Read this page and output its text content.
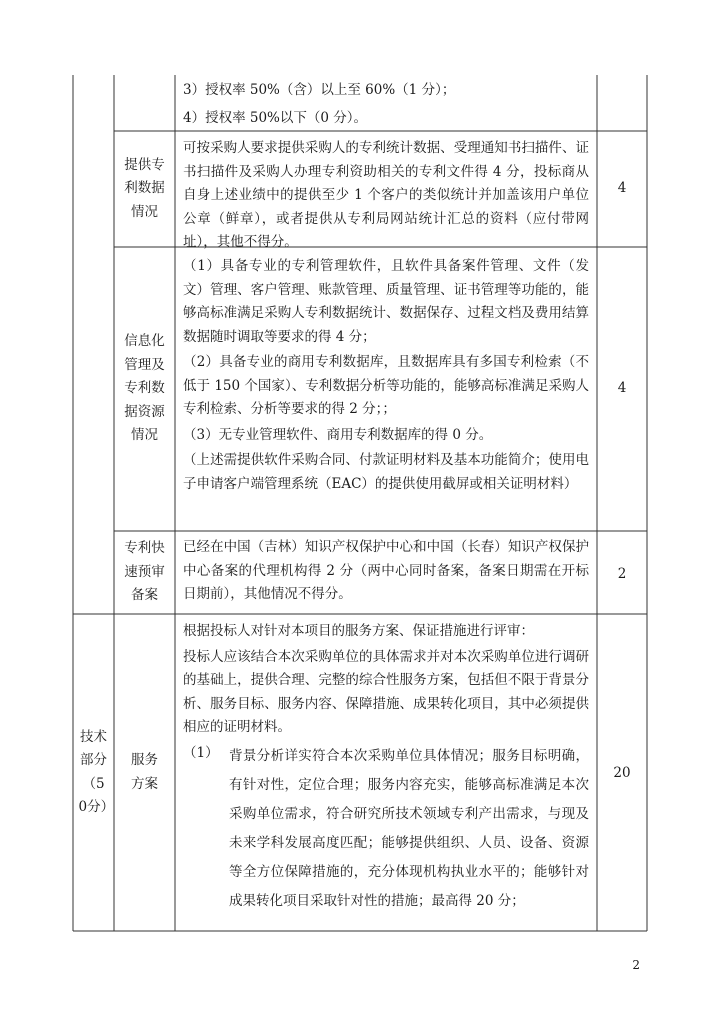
3）授权率 50%（含）以上至 60%（1 分）；

4）授权率 50%以下（0 分）。

提供专利数据情况

可按采购人要求提供采购人的专利统计数据、受理通知书扫描件、证书扫描件及采购人办理专利资助相关的专利文件得 4 分，投标商从自身上述业绩中的提供至少 1 个客户的类似统计并加盖该用户单位公章（鲜章），或者提供从专利局网站统计汇总的资料（应付带网址），其他不得分。

4
信息化管理及专利数据资源情况

（1）具备专业的专利管理软件，且软件具备案件管理、文件（发文）管理、客户管理、账款管理、质量管理、证书管理等功能的，能够高标准满足采购人专利数据统计、数据保存、过程文档及费用结算数据随时调取等要求的得 4 分；

（2）具备专业的商用专利数据库，且数据库具有多国专利检索（不低于 150 个国家）、专利数据分析等功能的，能够高标准满足采购人专利检索、分析等要求的得 2 分；；

（3）无专业管理软件、商用专利数据库的得 0 分。

（上述需提供软件采购合同、付款证明材料及基本功能简介；使用电子申请客户端管理系统（EAC）的提供使用截屏或相关证明材料）

4
专利快速预审备案

已经在中国（吉林）知识产权保护中心和中国（长春）知识产权保护中心备案的代理机构得 2 分（两中心同时备案，备案日期需在开标日期前），其他情况不得分。

2
技术部分（50分）
服务方案

根据投标人对针对本项目的服务方案、保证措施进行评审：

投标人应该结合本次采购单位的具体需求并对本次采购单位进行调研的基础上，提供合理、完整的综合性服务方案，包括但不限于背景分析、服务目标、服务内容、保障措施、成果转化项目，其中必须提供相应的证明材料。

（1） 背景分析详实符合本次采购单位具体情况；服务目标明确，有针对性，定位合理；服务内容充实，能够高标准满足本次采购单位需求，符合研究所技术领域专利产出需求，与现及未来学科发展高度匹配；能够提供组织、人员、设备、资源等全方位保障措施的，充分体现机构执业水平的；能够针对成果转化项目采取针对性的措施；最高得 20 分；
20
2
